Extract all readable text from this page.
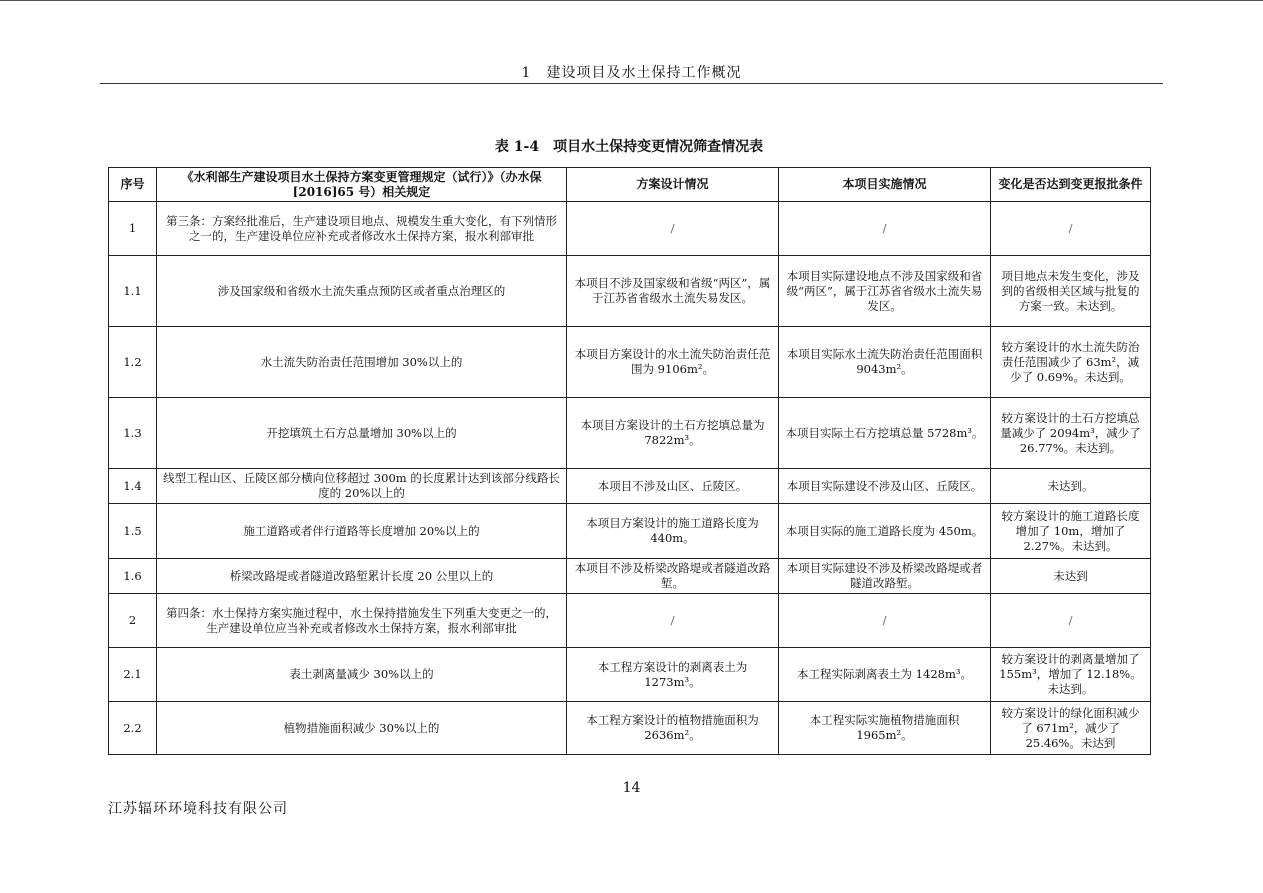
1　建设项目及水土保持工作概况
表 1-4　项目水土保持变更情况筛查情况表
序号	《水利部生产建设项目水土保持方案变更管理规定（试行）》（办水保[2016]65 号）相关规定	方案设计情况	本项目实施情况	变化是否达到变更报批条件
1	第三条：方案经批准后，生产建设项目地点、规模发生重大变化，有下列情形之一的，生产建设单位应补充或者修改水土保持方案，报水利部审批	/	/	/
1.1	涉及国家级和省级水土流失重点预防区或者重点治理区的	本项目不涉及国家级和省级“两区”，属于江苏省省级水土流失易发区。	本项目实际建设地点不涉及国家级和省级“两区”，属于江苏省省级水土流失易发区。	项目地点未发生变化，涉及到的省级相关区域与批复的方案一致。未达到。
1.2	水土流失防治责任范围增加 30%以上的	本项目方案设计的水土流失防治责任范围为 9106m²。	本项目实际水土流失防治责任范围面积 9043m²。	较方案设计的水土流失防治责任范围减少了 63m²，减少了 0.69%。未达到。
1.3	开挖填筑土石方总量增加 30%以上的	本项目方案设计的土石方挖填总量为 7822m³。	本项目实际土石方挖填总量 5728m³。	较方案设计的土石方挖填总量减少了 2094m³，减少了 26.77%。未达到。
1.4	线型工程山区、丘陵区部分横向位移超过 300m 的长度累计达到该部分线路长度的 20%以上的	本项目不涉及山区、丘陵区。	本项目实际建设不涉及山区、丘陵区。	未达到。
1.5	施工道路或者伴行道路等长度增加 20%以上的	本项目方案设计的施工道路长度为 440m。	本项目实际的施工道路长度为 450m。	较方案设计的施工道路长度增加了 10m，增加了 2.27%。未达到。
1.6	桥梁改路堤或者隧道改路堑累计长度 20 公里以上的	本项目不涉及桥梁改路堤或者隧道改路堑。	本项目实际建设不涉及桥梁改路堤或者隧道改路堑。	未达到
2	第四条：水土保持方案实施过程中，水土保持措施发生下列重大变更之一的，生产建设单位应当补充或者修改水土保持方案，报水利部审批	/	/	/
2.1	表土剥离量减少 30%以上的	本工程方案设计的剥离表土为 1273m³。	本工程实际剥离表土为 1428m³。	较方案设计的剥离量增加了 155m³，增加了 12.18%。未达到。
2.2	植物措施面积减少 30%以上的	本工程方案设计的植物措施面积为 2636m²。	本工程实际实施植物措施面积 1965m²。	较方案设计的绿化面积减少了 671m²，减少了 25.46%。未达到
14
江苏辐环环境科技有限公司
